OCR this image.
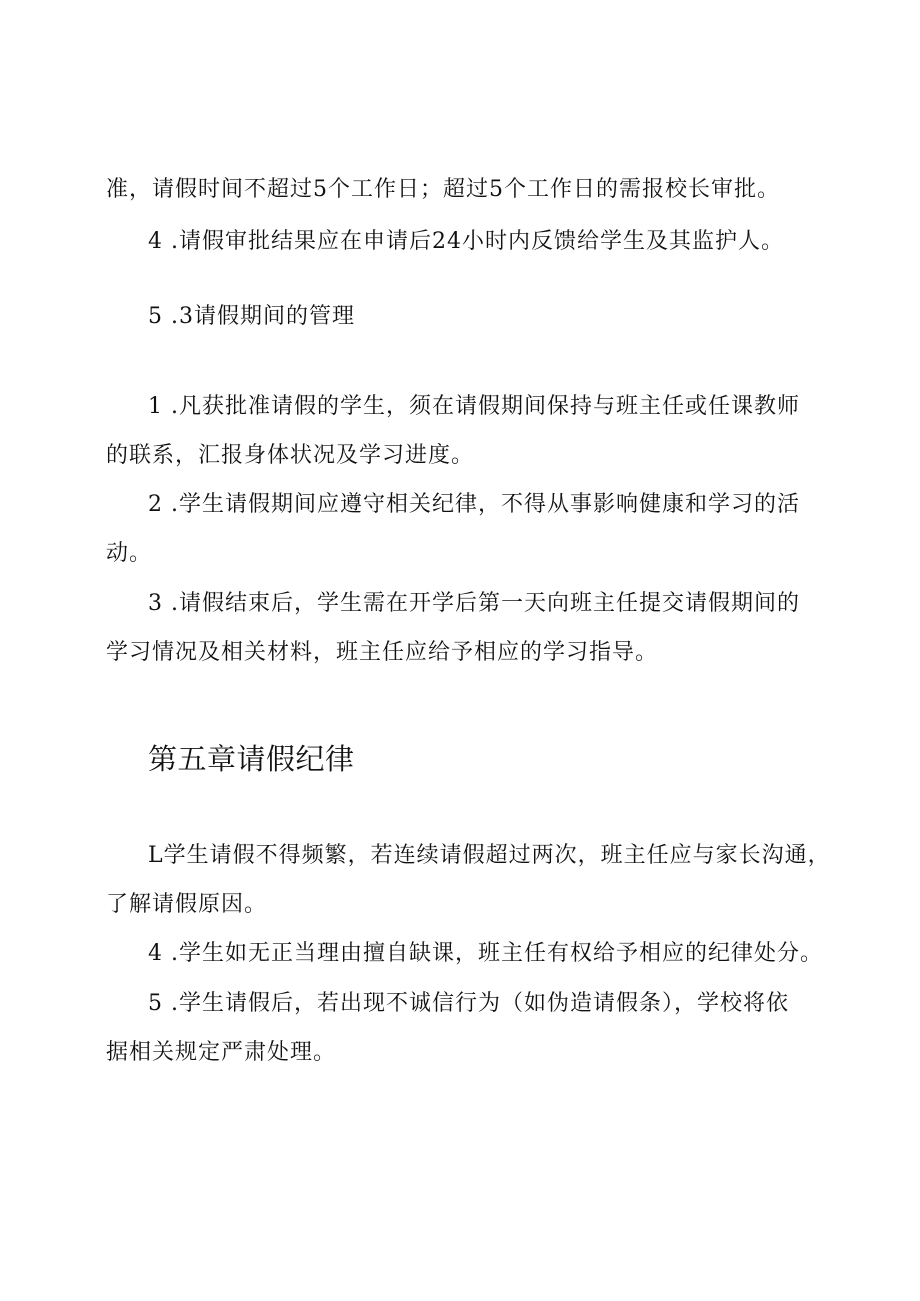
准，请假时间不超过5个工作日；超过5个工作日的需报校长审批。
4 .请假审批结果应在申请后24小时内反馈给学生及其监护人。
5 .3请假期间的管理
1 .凡获批准请假的学生，须在请假期间保持与班主任或任课教师
的联系，汇报身体状况及学习进度。
2 .学生请假期间应遵守相关纪律，不得从事影响健康和学习的活
动。
3 .请假结束后，学生需在开学后第一天向班主任提交请假期间的
学习情况及相关材料，班主任应给予相应的学习指导。
第五章请假纪律
L学生请假不得频繁，若连续请假超过两次，班主任应与家长沟通，
了解请假原因。
4 .学生如无正当理由擅自缺课，班主任有权给予相应的纪律处分。
5 .学生请假后，若出现不诚信行为（如伪造请假条），学校将依
据相关规定严肃处理。
